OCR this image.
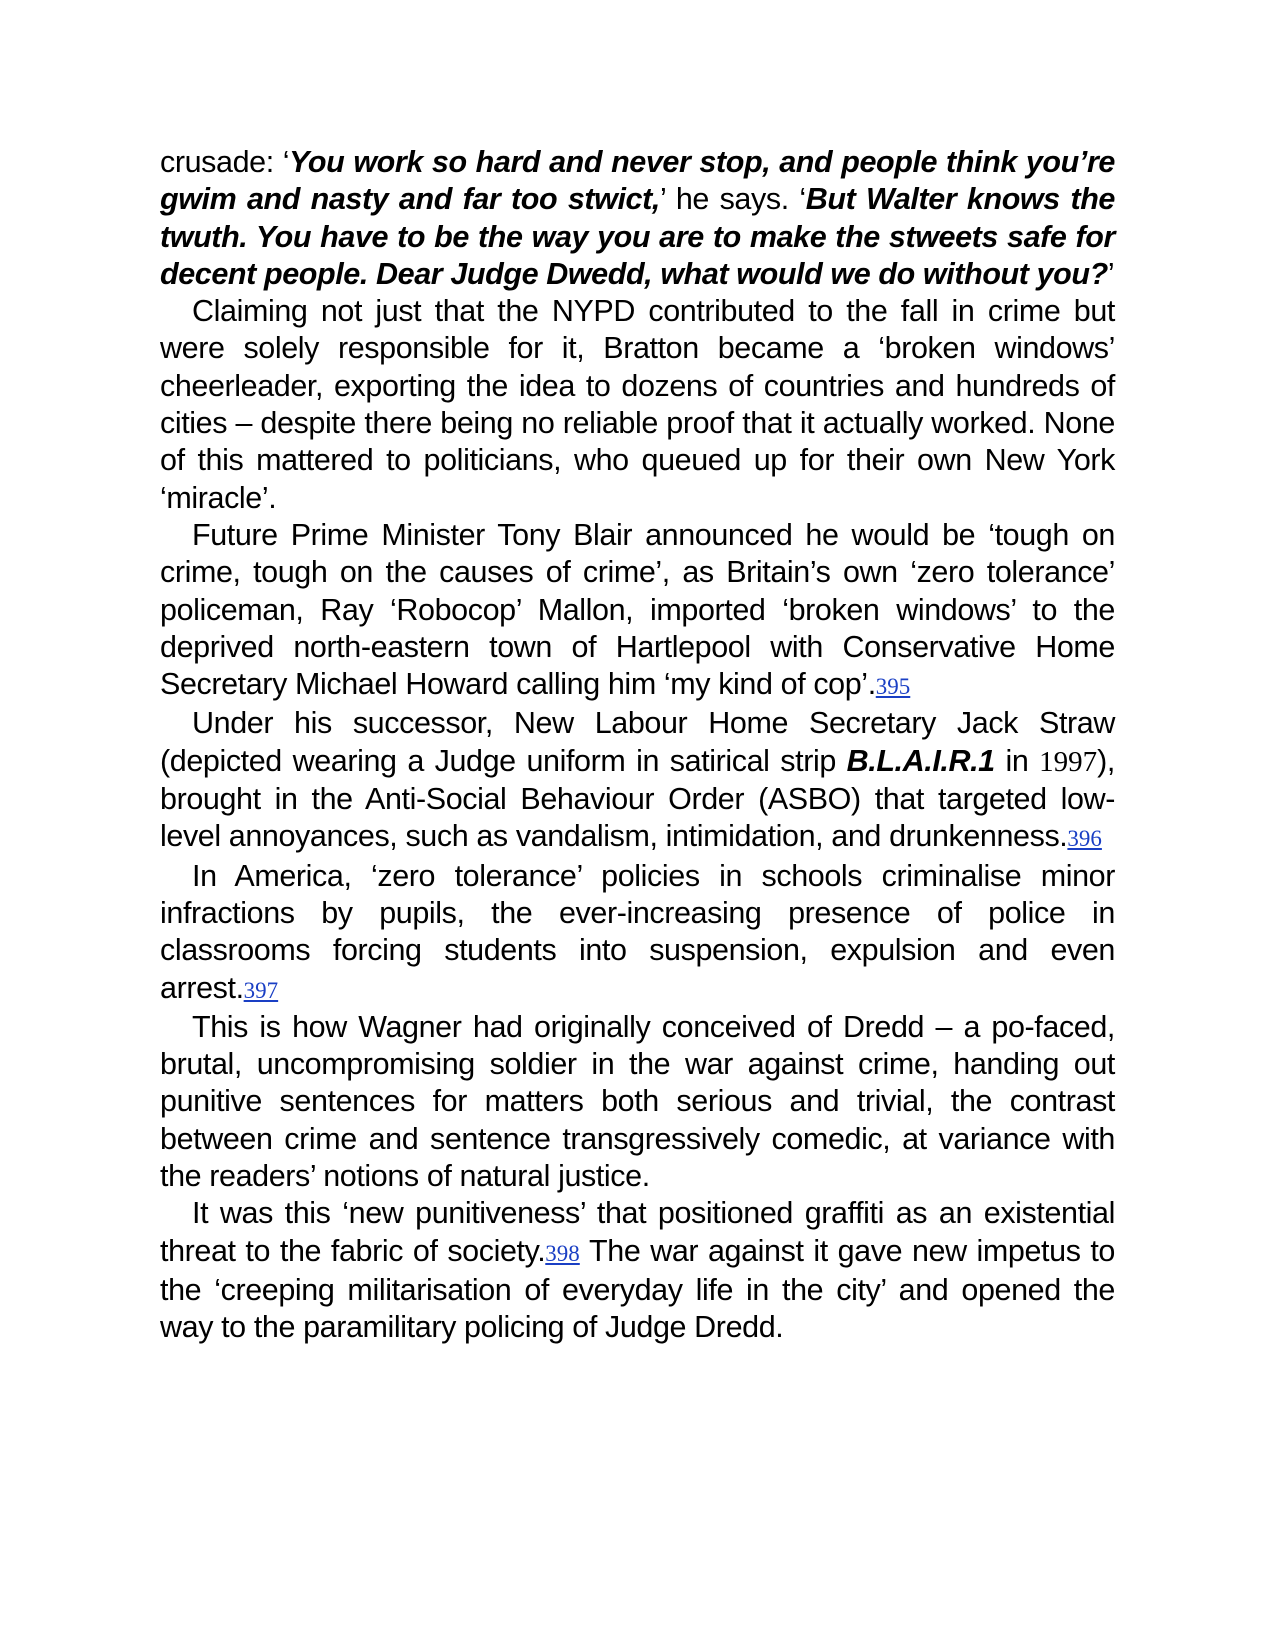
crusade: ‘You work so hard and never stop, and people think you’re gwim and nasty and far too stwict,’ he says. ‘But Walter knows the twuth. You have to be the way you are to make the stweets safe for decent people. Dear Judge Dwedd, what would we do without you?’

Claiming not just that the NYPD contributed to the fall in crime but were solely responsible for it, Bratton became a ‘broken windows’ cheerleader, exporting the idea to dozens of countries and hundreds of cities – despite there being no reliable proof that it actually worked. None of this mattered to politicians, who queued up for their own New York ‘miracle’.

Future Prime Minister Tony Blair announced he would be ‘tough on crime, tough on the causes of crime’, as Britain’s own ‘zero tolerance’ policeman, Ray ‘Robocop’ Mallon, imported ‘broken windows’ to the deprived north-eastern town of Hartlepool with Conservative Home Secretary Michael Howard calling him ‘my kind of cop’.395

Under his successor, New Labour Home Secretary Jack Straw (depicted wearing a Judge uniform in satirical strip B.L.A.I.R.1 in 1997), brought in the Anti-Social Behaviour Order (ASBO) that targeted low-level annoyances, such as vandalism, intimidation, and drunkenness.396

In America, ‘zero tolerance’ policies in schools criminalise minor infractions by pupils, the ever-increasing presence of police in classrooms forcing students into suspension, expulsion and even arrest.397

This is how Wagner had originally conceived of Dredd – a po-faced, brutal, uncompromising soldier in the war against crime, handing out punitive sentences for matters both serious and trivial, the contrast between crime and sentence transgressively comedic, at variance with the readers’ notions of natural justice.

It was this ‘new punitiveness’ that positioned graffiti as an existential threat to the fabric of society.398 The war against it gave new impetus to the ‘creeping militarisation of everyday life in the city’ and opened the way to the paramilitary policing of Judge Dredd.
